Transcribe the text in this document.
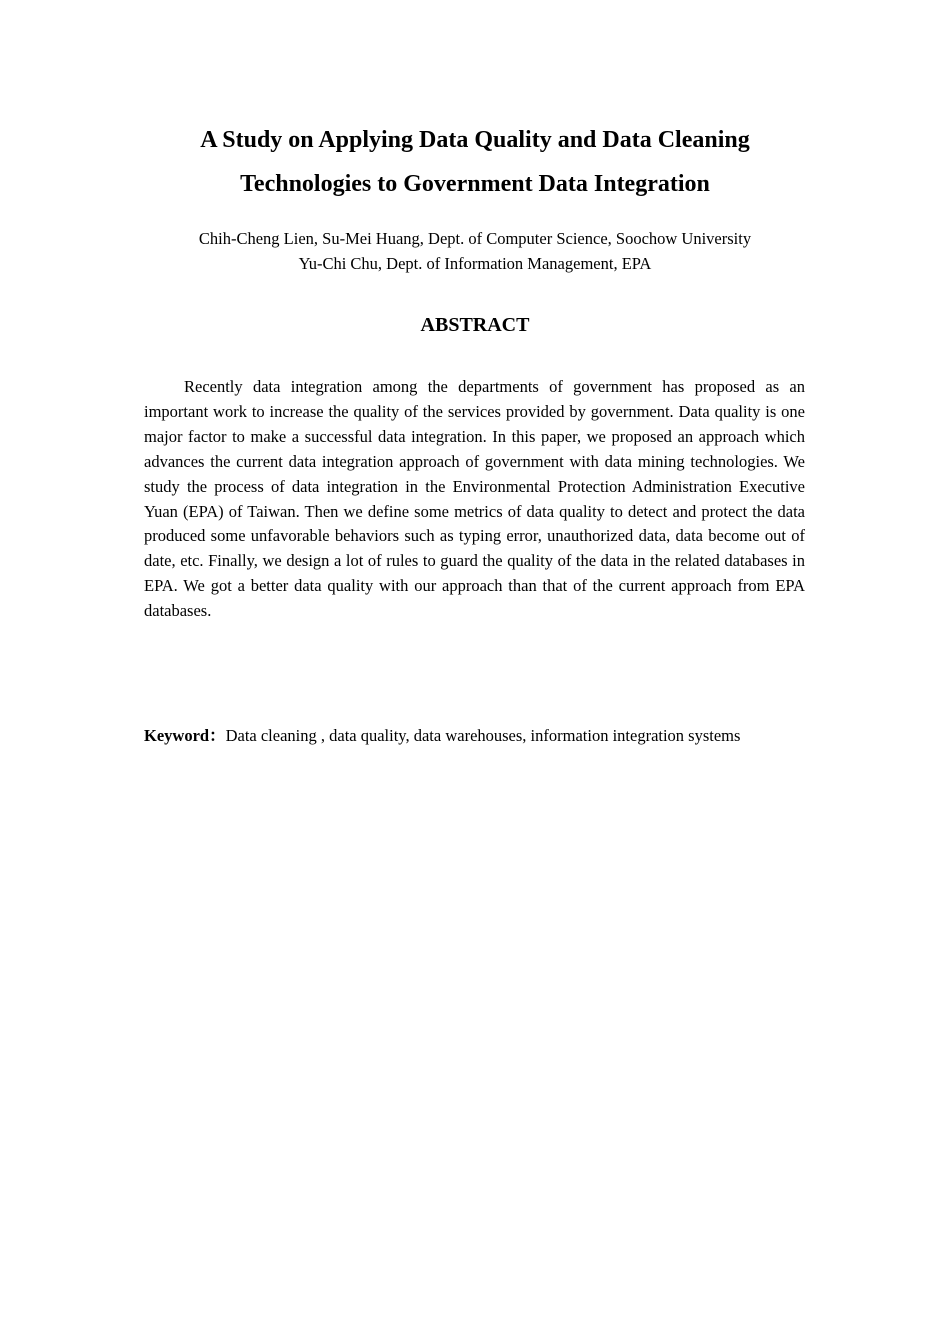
A Study on Applying Data Quality and Data Cleaning
Technologies to Government Data Integration
Chih-Cheng Lien, Su-Mei Huang, Dept. of Computer Science, Soochow University
Yu-Chi Chu, Dept. of Information Management, EPA
ABSTRACT

Recently data integration among the departments of government has proposed as an important work to increase the quality of the services provided by government. Data quality is one major factor to make a successful data integration. In this paper, we proposed an approach which advances the current data integration approach of government with data mining technologies. We study the process of data integration in the Environmental Protection Administration Executive Yuan (EPA) of Taiwan. Then we define some metrics of data quality to detect and protect the data produced some unfavorable behaviors such as typing error, unauthorized data, data become out of date, etc. Finally, we design a lot of rules to guard the quality of the data in the related databases in EPA. We got a better data quality with our approach than that of the current approach from EPA databases.

Keyword：Data cleaning , data quality, data warehouses, information integration systems
